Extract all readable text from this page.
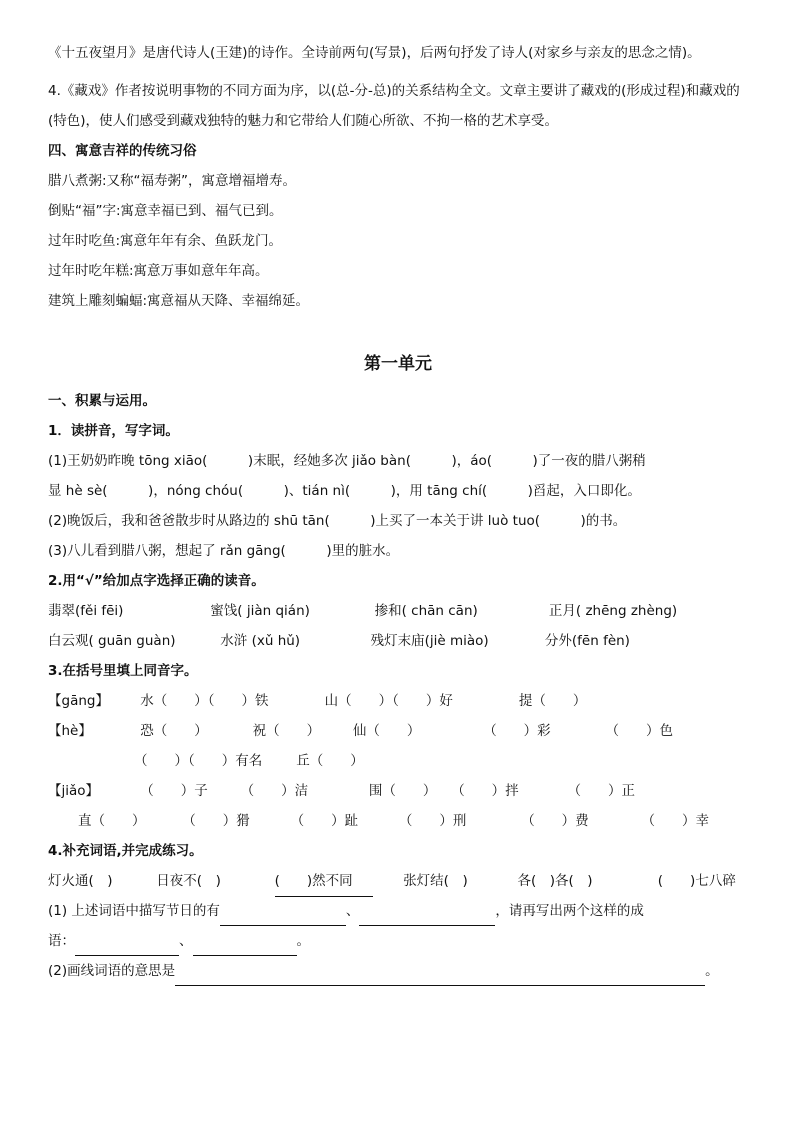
《十五夜望月》是唐代诗人(王建)的诗作。全诗前两句(写景)，后两句抒发了诗人(对家乡与亲友的思念之情)。
4.《藏戏》作者按说明事物的不同方面为序，以(总-分-总)的关系结构全文。文章主要讲了藏戏的(形成过程)和藏戏的(特色)，使人们感受到藏戏独特的魅力和它带给人们随心所欲、不拘一格的艺术享受。
四、寓意吉祥的传统习俗
腊八煮粥:又称“福寿粥”，寓意增福增寿。
倒贴“福”字:寓意幸福已到、福气已到。
过年时吃鱼:寓意年年有余、鱼跃龙门。
过年时吃年糕:寓意万事如意年年高。
建筑上雕刻蝙蝠:寓意福从天降、幸福绵延。
第一单元
一、积累与运用。
1．读拼音，写字词。
(1)王奶奶昨晚 tōng xiāo(　　　)末眠，经她多次 jiǎo bàn(　　　)，áo(　　　)了一夜的腊八粥稍
显 hè sè(　　　)，nóng chóu(　　　)、tián nì(　　　)，用 tāng chí(　　　)舀起，入口即化。
(2)晚饭后，我和爸爸散步时从路边的 shū tān(　　　)上买了一本关于讲 luò tuo(　　　)的书。
(3)八儿看到腊八粥，想起了 rǎn gāng(　　　)里的脏水。
2.用“√”给加点字选择正确的读音。
翡翠(fěi fēi)	蜜饯( jiàn qián)	掺和( chān cān)	正月( zhēng zhèng)
白云观( guān guàn)	水浒 (xǔ hǔ)	残灯末庙(jiè miào)	分外(fēn fèn)
3.在括号里填上同音字。
【gāng】 水（　　）（　　）铁	山（　　）（　　）好	提（　　）
【hè】	恐（　　）	祝（　　） 仙（　　）	（　　）彩	（　　）色
（　　）（　　）有名	丘（　　）
【jiǎo】	（　　）子 （　　）洁	围（　　） （　　）拌	（　　）正
直（　　）	（　　）猾	（　　）趾	（　　）刑	（　　）费	（　　）幸
4.补充词语,并完成练习。
灯火通(　)	日夜不(　)	(　　)然不同	张灯结(　)	各(　)各(　)	(　　)七八碎
(1) 上述词语中描写节日的有	、	，请再写出两个这样的成
语：	、	。
(2)画线词语的意思是	。
